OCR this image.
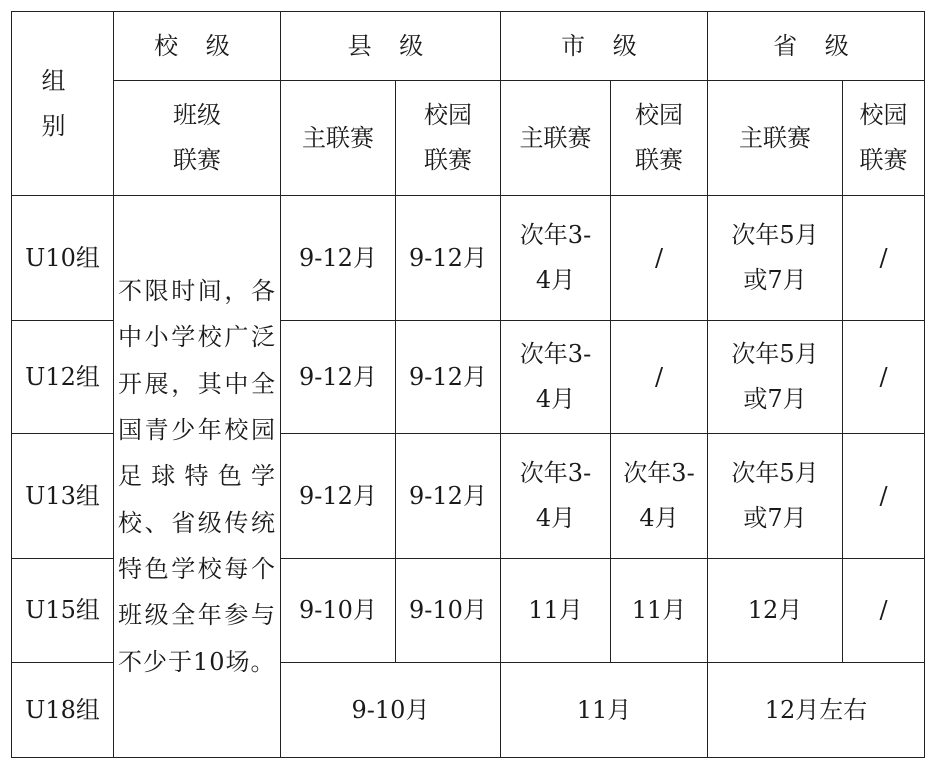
组 别	校 级	县 级		市 级		省 级	
	班级联赛	主联赛	校园联赛	主联赛	校园联赛	主联赛	校园联赛
U10组	不限时间，各中小学校广泛开展，其中全国青少年校园足球特色学校、省级传统特色学校每个班级全年参与不少于10场。	9-12月	9-12月	次年3-4月	/	次年5月或7月	/
U12组		9-12月	9-12月	次年3-4月	/	次年5月或7月	/
U13组		9-12月	9-12月	次年3-4月	次年3-4月	次年5月或7月	/
U15组		9-10月	9-10月	11月	11月	12月	/
U18组		9-10月		11月		12月左右	
